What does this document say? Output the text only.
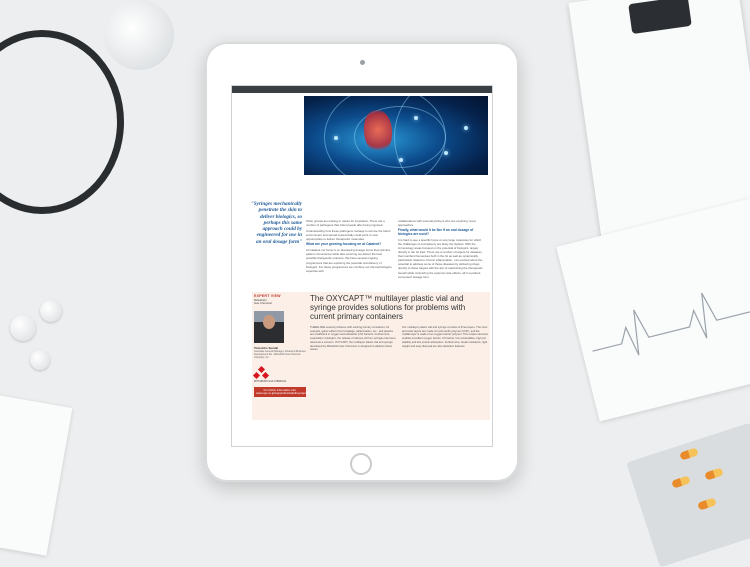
"Syringes mechanically penetrate the skin to deliver biologics, so perhaps this same approach could by engineered for use in an oral dosage form"

Other groups are looking to nature for inspiration. There are a number of pathogens that infect people after being ingested.

Understanding how these pathogens manage to survive the harsh environment and spread systemically could point to new opportunities to deliver therapeutic molecules.

What are your growing focusing on at Catalent?

At Catalent our focus is on developing dosage forms that optimize patient convenience while also ensuring we deliver the best possible therapeutic outcome. We have several ongoing programmes that are exploring the potential oral delivery of biologics. For these programmes we combine our internal biologics expertise with

collaborations with external partners who are exploring novel approaches.

Finally, what would it be like if an oral dosage of biologics are used?

It is hard to see a specific focus on any large molecules for which the challenges of oral delivery are likely the highest. With the immunology areas focused on the potential of biologics, largely directly in the GI tract. There are a number of targets for diseases that manifest themselves both in the GI as well as systemically, particularly related to chronic inflammation. I am excited about the potential to address some of these diseases by delivering drugs directly to these targets with the aim of maximizing the therapeutic benefit while minimizing the systemic side effects, all in a patient-convenient dosage form.

EXPERT VIEW
Mitsubishi
Gas Chemical
Tomohiro Suzuki
Associate General Manager, Advanced Business Development Div., Mitsubishi Gas Chemical Company, Inc.
MITSUBISHI GAS CHEMICAL
For further information visit: www.mgc.co.jp/eng/products/abd/oxycapt.html
The OXYCAPT™ multilayer plastic vial and syringe provides solutions for problems with current primary containers
THERE ARE several problems with existing primary containers; for example, glass suffers from breakage, delamination, etc., and plastics are insufficient in oxygen and ultraviolet (UV) barriers. Furthermore, especially in biologics, the release of silicone oil from syringes has been raised as a concern. OXYCAPT, the multilayer plastic vial and syringe developed by Mitsubishi Gas Chemical, is designed to address these issues.
Our multilayer plastic vial and syringe consists of three layers. The inner and outer layers are made of cyclo-olefin polymer (COP), and the middle layer is made of an oxygen barrier polymer. This unique structure enables excellent oxygen barrier, UV barrier, low extractables, high pH stability and low protein adsorption. Furthermore, break resistance, light weight and easy disposal are also attractive features.
